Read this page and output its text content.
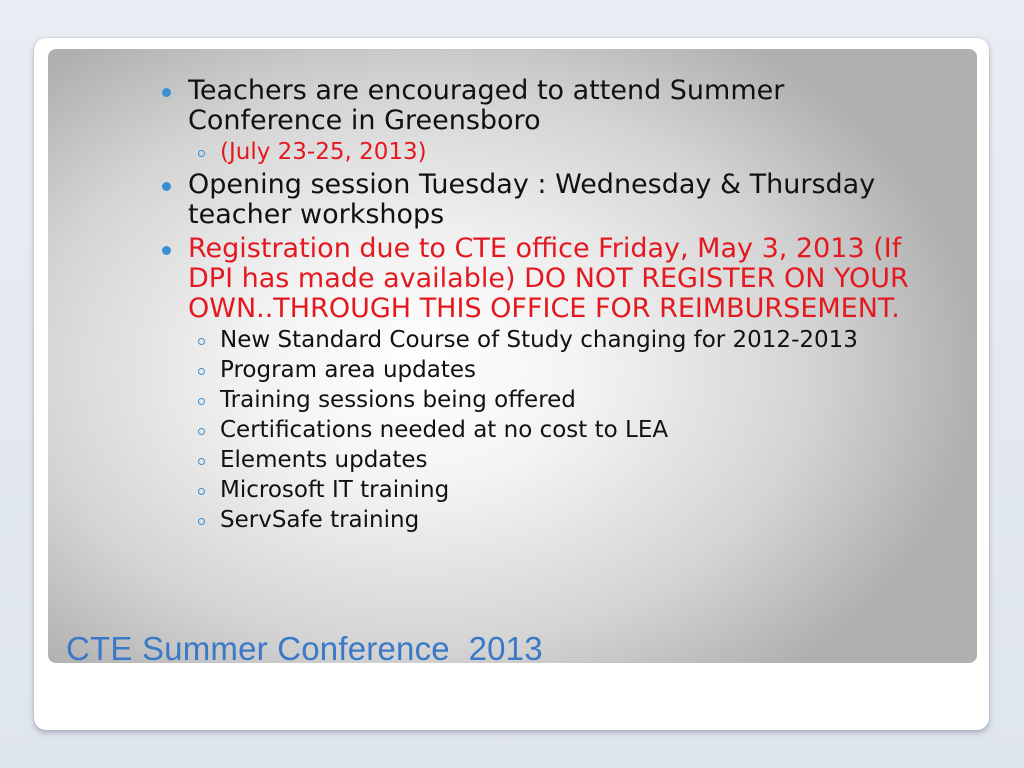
Teachers are encouraged to attend Summer Conference in Greensboro
(July 23-25, 2013)
Opening session Tuesday : Wednesday & Thursday teacher workshops
Registration due to CTE office Friday, May 3, 2013 (If DPI has made available) DO NOT REGISTER ON YOUR OWN..THROUGH THIS OFFICE FOR REIMBURSEMENT.
New Standard Course of Study changing for 2012-2013
Program area updates
Training sessions being offered
Certifications needed at no cost to LEA
Elements updates
Microsoft IT training
ServSafe training
CTE Summer Conference  2013
